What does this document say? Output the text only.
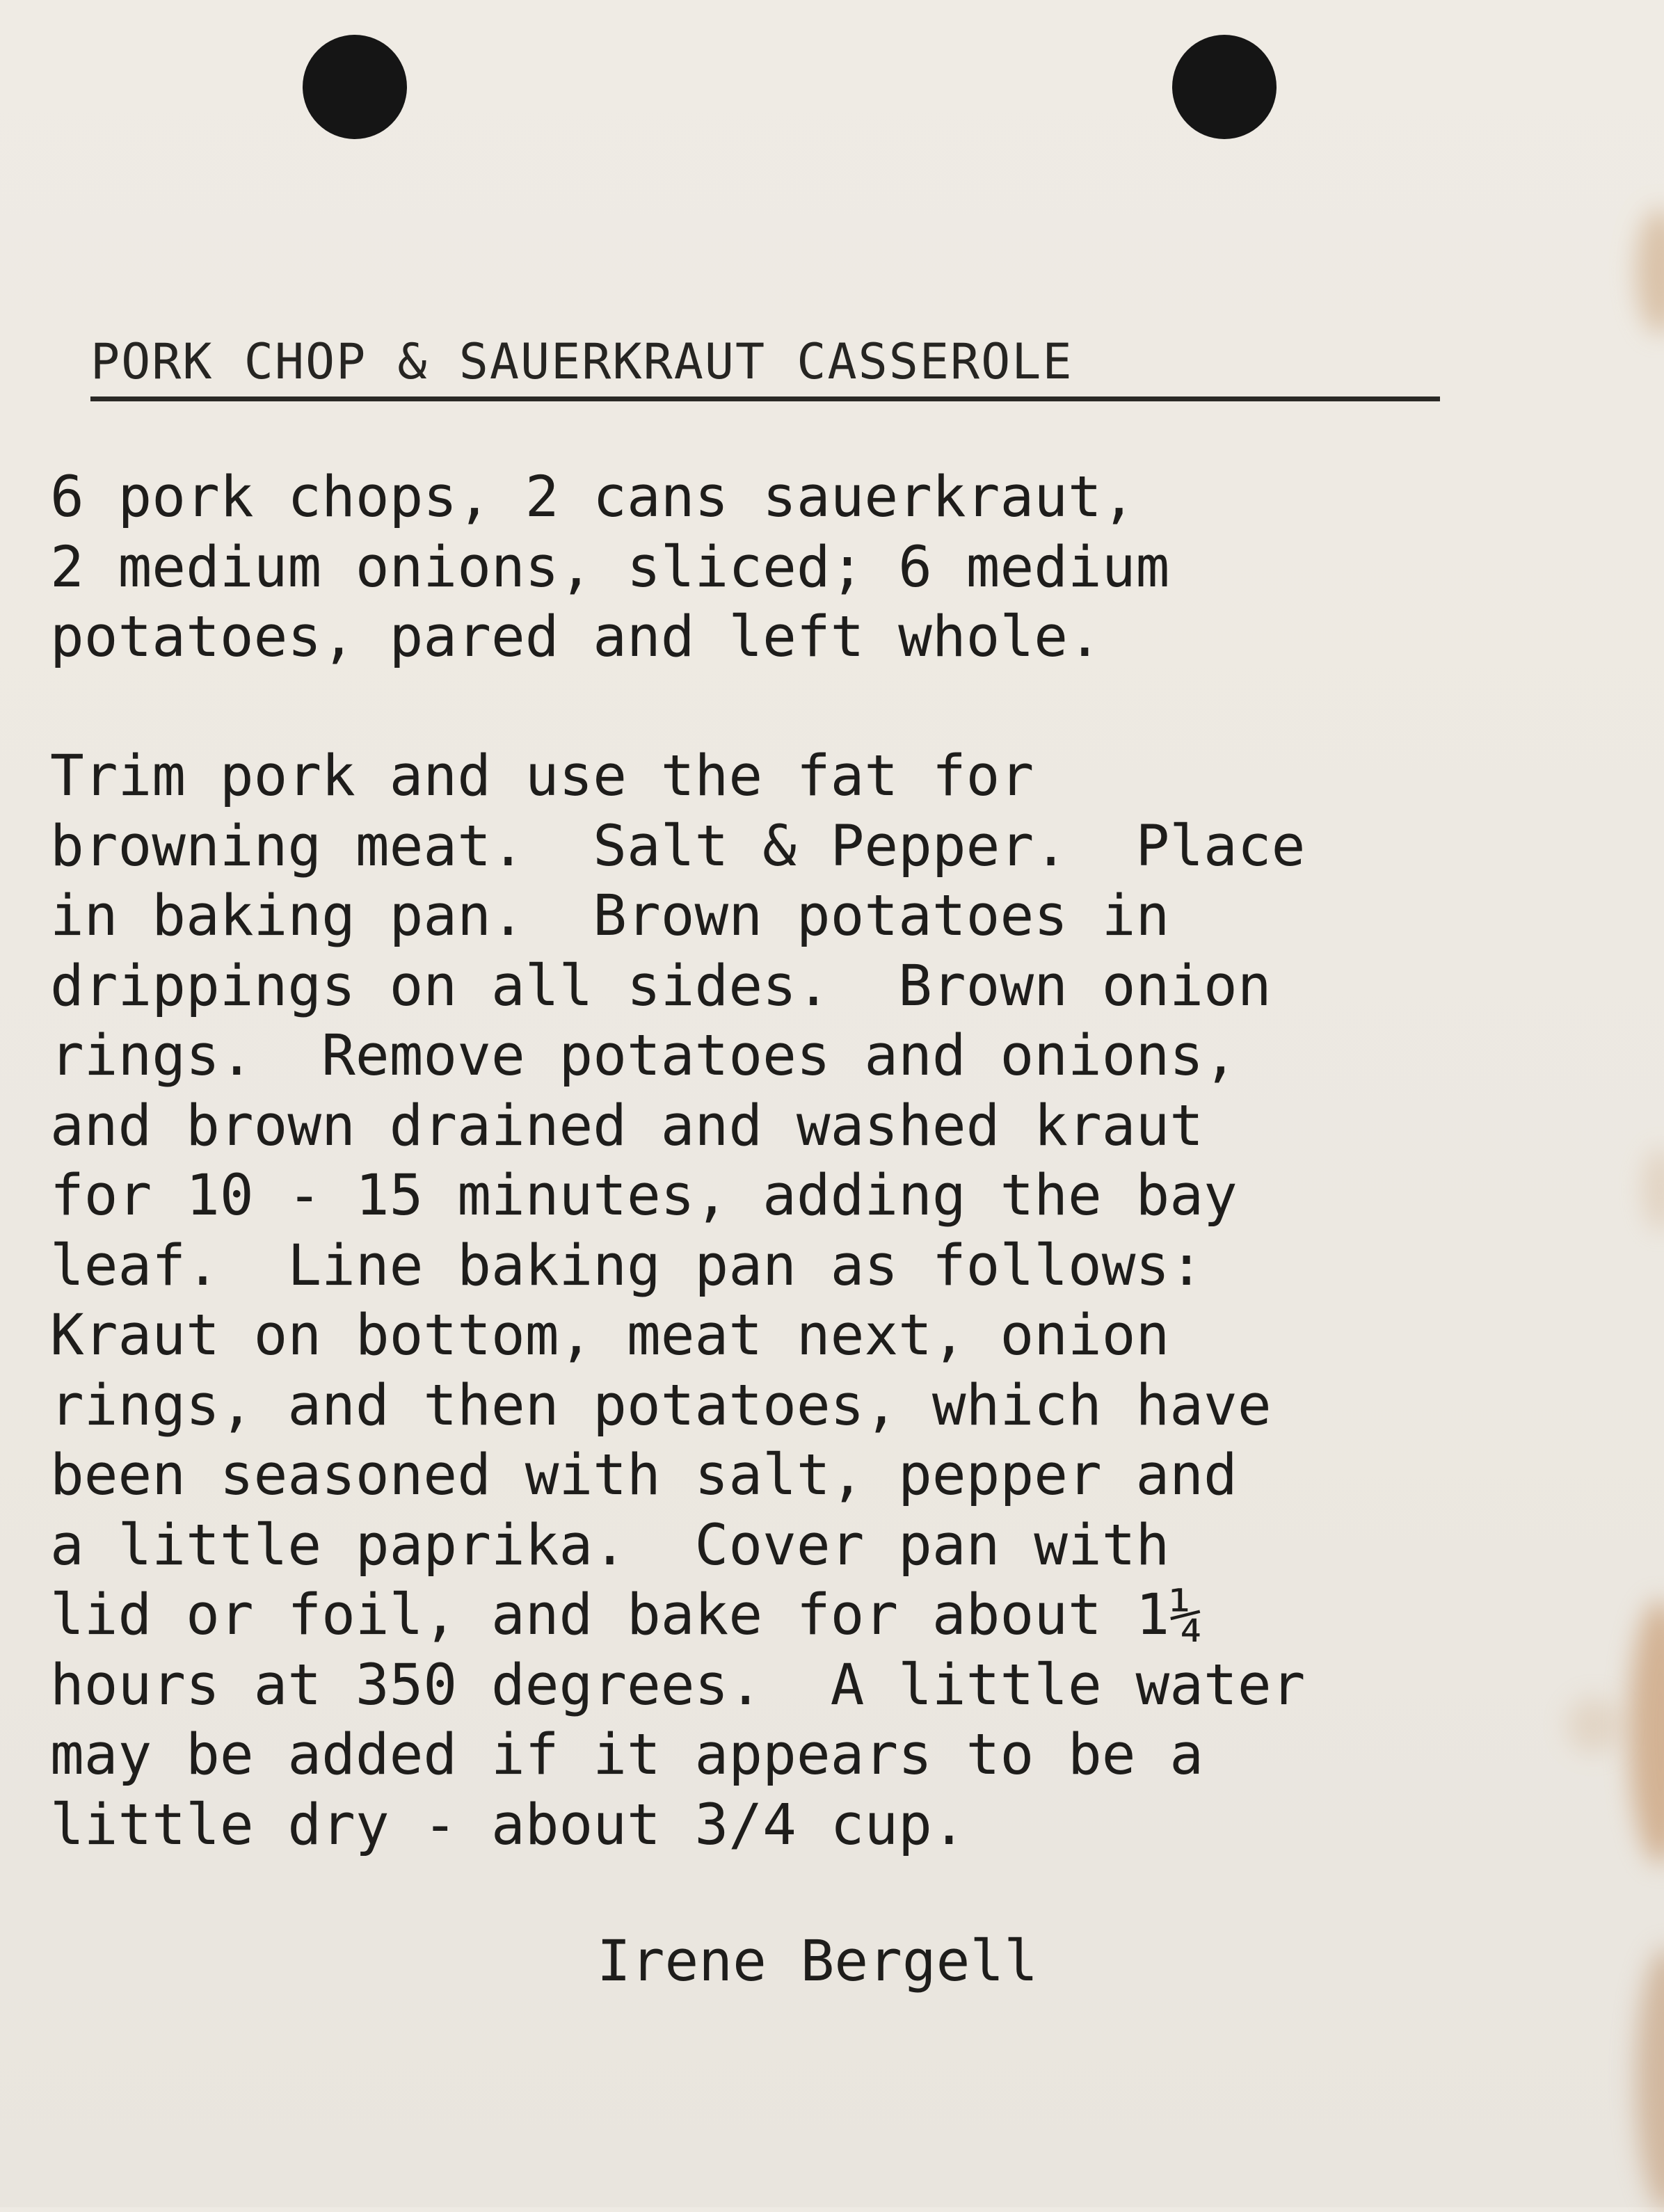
PORK CHOP & SAUERKRAUT CASSEROLE
6 pork chops, 2 cans sauerkraut,
2 medium onions, sliced; 6 medium
potatoes, pared and left whole.
Trim pork and use the fat for
browning meat.  Salt & Pepper.  Place
in baking pan.  Brown potatoes in
drippings on all sides.  Brown onion
rings.  Remove potatoes and onions,
and brown drained and washed kraut
for 10 - 15 minutes, adding the bay
leaf.  Line baking pan as follows:
Kraut on bottom, meat next, onion
rings, and then potatoes, which have
been seasoned with salt, pepper and
a little paprika.  Cover pan with
lid or foil, and bake for about 1¼
hours at 350 degrees.  A little water
may be added if it appears to be a
little dry - about 3/4 cup.
Irene Bergell
